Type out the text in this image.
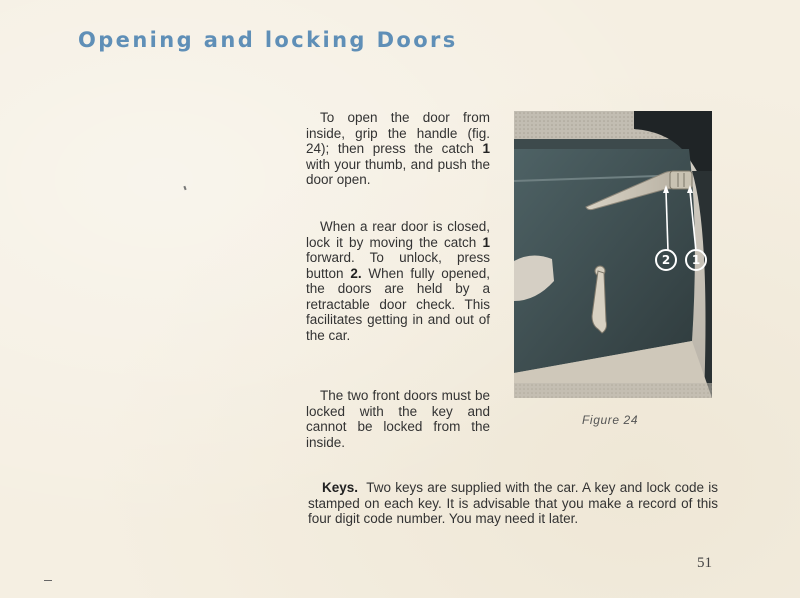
Opening and locking Doors
To open the door from inside, grip the handle (fig. 24); then press the catch 1 with your thumb, and push the door open.
When a rear door is closed, lock it by moving the catch 1 forward. To unlock, press button 2. When fully opened, the doors are held by a retractable door check. This facilitates getting in and out of the car.
The two front doors must be locked with the key and cannot be locked from the inside.
Keys. Two keys are supplied with the car. A key and lock code is stamped on each key. It is advisable that you make a record of this four digit code number. You may need it later.
2	1
Figure 24
51
